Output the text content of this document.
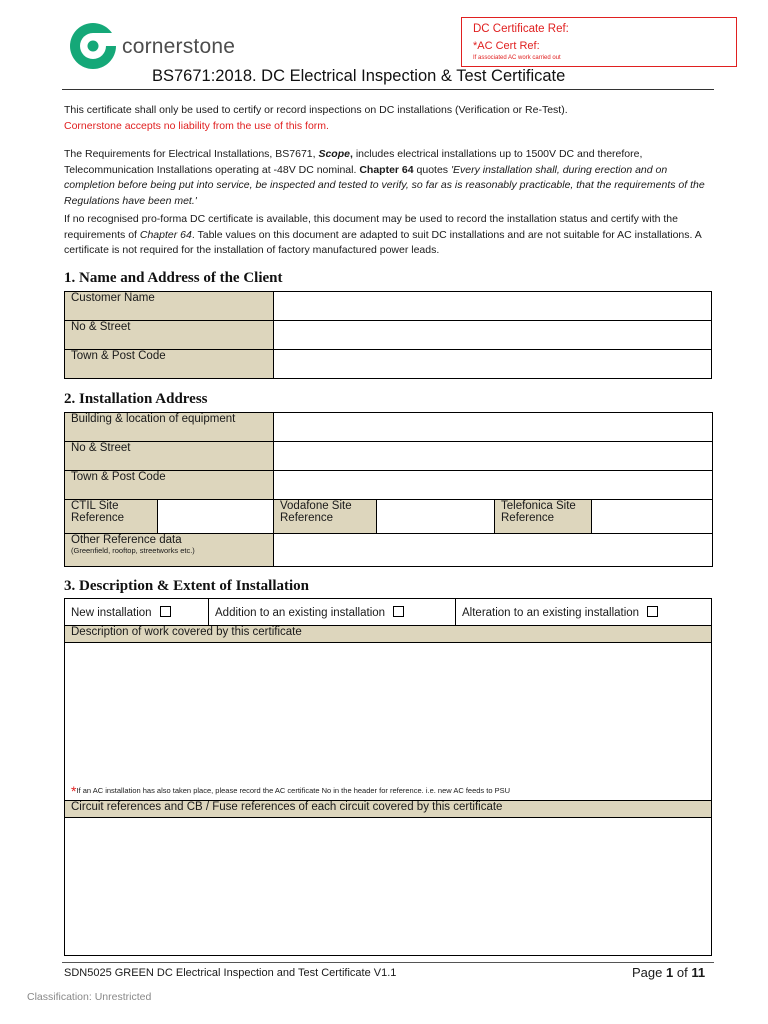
cornerstone
DC Certificate Ref:
*AC Cert Ref:
If associated AC work carried out
BS7671:2018. DC Electrical Inspection & Test Certificate
This certificate shall only be used to certify or record inspections on DC installations (Verification or Re-Test).
Cornerstone accepts no liability from the use of this form.
The Requirements for Electrical Installations, BS7671, Scope, includes electrical installations up to 1500V DC and therefore, Telecommunication Installations operating at -48V DC nominal. Chapter 64 quotes 'Every installation shall, during erection and on completion before being put into service, be inspected and tested to verify, so far as is reasonably practicable, that the requirements of the Regulations have been met.'
If no recognised pro-forma DC certificate is available, this document may be used to record the installation status and certify with the requirements of Chapter 64. Table values on this document are adapted to suit DC installations and are not suitable for AC installations. A certificate is not required for the installation of factory manufactured power leads.
1. Name and Address of the Client
Customer Name	
No & Street	
Town & Post Code	
2. Installation Address
Building & location of equipment					
No & Street					
Town & Post Code					
CTIL Site Reference		Vodafone Site Reference		Telefonica Site Reference	

Other Reference data
(Greenfield, rooftop, streetworks etc.)					

3. Description & Extent of Installation
New installation	Addition to an existing installation	Alteration to an existing installation
Description of work covered by this certificate
*If an AC installation has also taken place, please record the AC certificate No in the header for reference. i.e. new AC feeds to PSU
Circuit references and CB / Fuse references of each circuit covered by this certificate

SDN5025 GREEN DC Electrical Inspection and Test Certificate V1.1	Page 1 of 11
Classification: Unrestricted
